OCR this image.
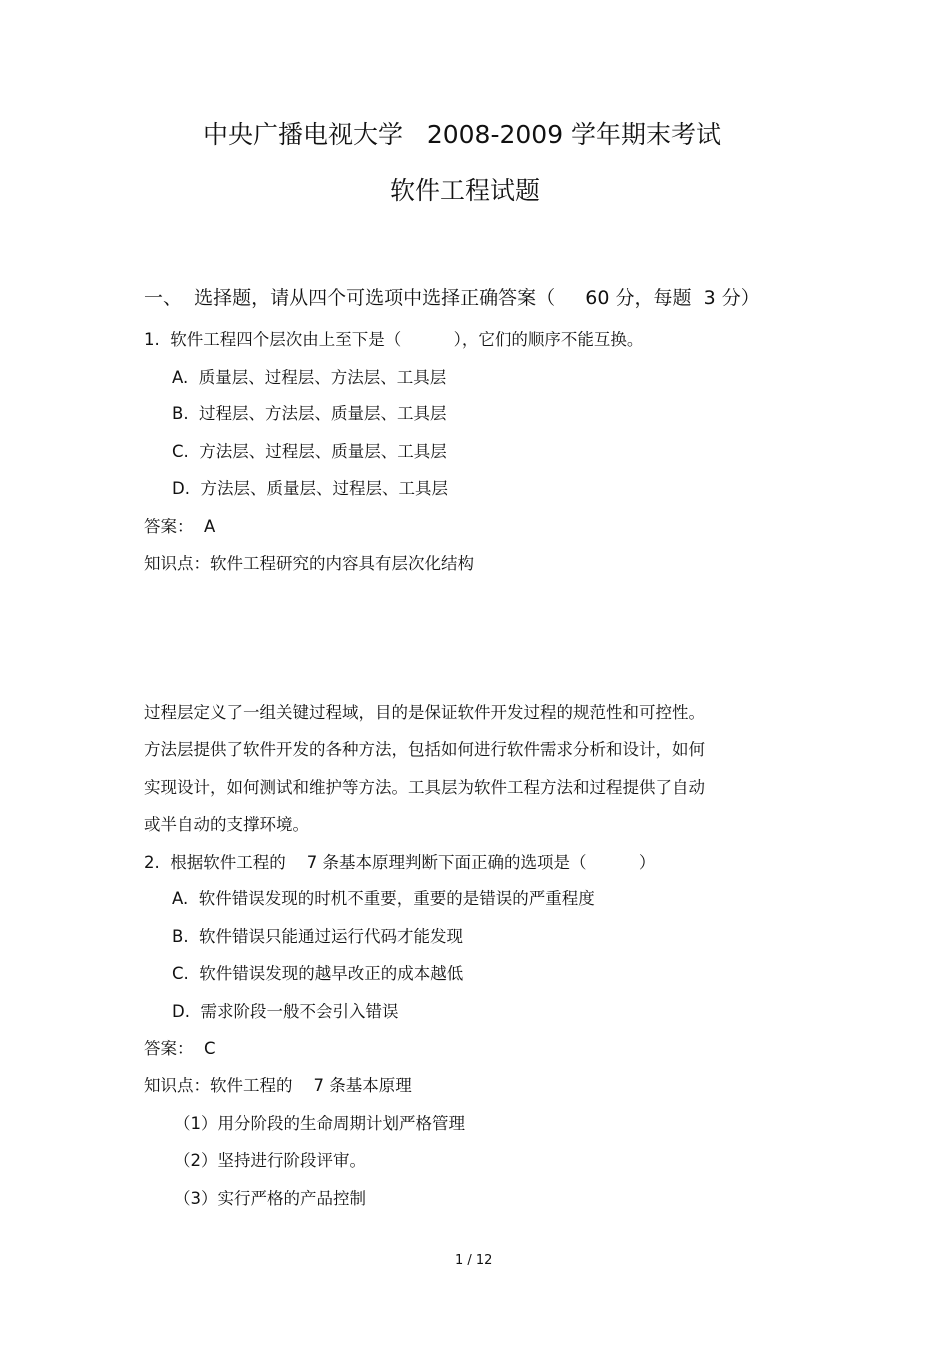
中央广播电视大学   2008-2009 学年期末考试
软件工程试题
一、  选择题，请从四个可选项中选择正确答案（     60 分，每题  3 分）
1.  软件工程四个层次由上至下是（          ），它们的顺序不能互换。
A.  质量层、过程层、方法层、工具层
B.  过程层、方法层、质量层、工具层
C.  方法层、过程层、质量层、工具层
D.  方法层、质量层、过程层、工具层
答案：  A
知识点：软件工程研究的内容具有层次化结构
过程层定义了一组关键过程域，目的是保证软件开发过程的规范性和可控性。
方法层提供了软件开发的各种方法，包括如何进行软件需求分析和设计，如何
实现设计，如何测试和维护等方法。工具层为软件工程方法和过程提供了自动
或半自动的支撑环境。
2.  根据软件工程的    7 条基本原理判断下面正确的选项是（          ）
A.  软件错误发现的时机不重要，重要的是错误的严重程度
B.  软件错误只能通过运行代码才能发现
C.  软件错误发现的越早改正的成本越低
D.  需求阶段一般不会引入错误
答案：  C
知识点：软件工程的    7 条基本原理
（1）用分阶段的生命周期计划严格管理
（2）坚持进行阶段评审。
（3）实行严格的产品控制
1 / 12
